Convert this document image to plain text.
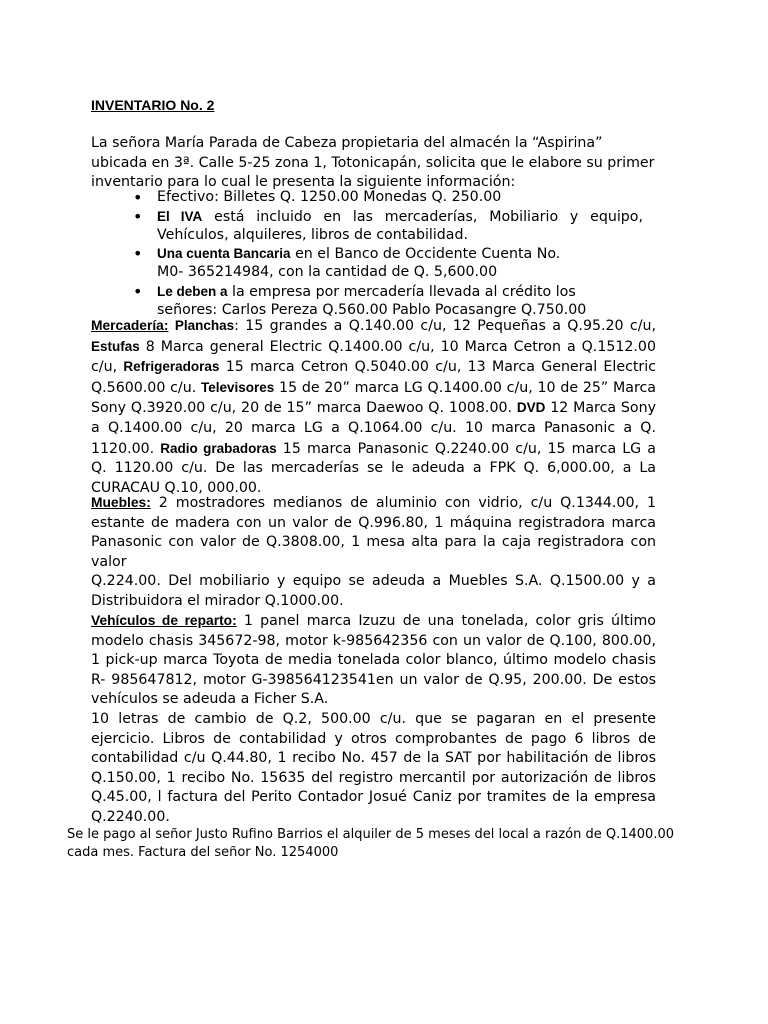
INVENTARIO No. 2

La señora María Parada de Cabeza propietaria del almacén la “Aspirina” ubicada en 3ª. Calle 5-25 zona 1, Totonicapán, solicita que le elabore su primer inventario para lo cual le presenta la siguiente información:

• Efectivo: Billetes Q. 1250.00 Monedas Q. 250.00
• El IVA está incluido en las mercaderías, Mobiliario y equipo, Vehículos, alquileres, libros de contabilidad.
• Una cuenta Bancaria en el Banco de Occidente Cuenta No.
M0- 365214984, con la cantidad de Q. 5,600.00
• Le deben a la empresa por mercadería llevada al crédito los
señores: Carlos Pereza Q.560.00 Pablo Pocasangre Q.750.00

Mercadería: Planchas: 15 grandes a Q.140.00 c/u, 12 Pequeñas a Q.95.20 c/u, Estufas 8 Marca general Electric Q.1400.00 c/u, 10 Marca Cetron a Q.1512.00 c/u, Refrigeradoras 15 marca Cetron Q.5040.00 c/u, 13 Marca General Electric Q.5600.00 c/u. Televisores 15 de 20” marca LG Q.1400.00 c/u, 10 de 25” Marca Sony Q.3920.00 c/u, 20 de 15” marca Daewoo Q. 1008.00. DVD 12 Marca Sony a Q.1400.00 c/u, 20 marca LG a Q.1064.00 c/u. 10 marca Panasonic a Q. 1120.00. Radio grabadoras 15 marca Panasonic Q.2240.00 c/u, 15 marca LG a Q. 1120.00 c/u. De las mercaderías se le adeuda a FPK Q. 6,000.00, a La CURACAU Q.10, 000.00.

Muebles: 2 mostradores medianos de aluminio con vidrio, c/u Q.1344.00, 1 estante de madera con un valor de Q.996.80, 1 máquina registradora marca Panasonic con valor de Q.3808.00, 1 mesa alta para la caja registradora con valor
Q.224.00. Del mobiliario y equipo se adeuda a Muebles S.A. Q.1500.00 y a Distribuidora el mirador Q.1000.00.

Vehículos de reparto: 1 panel marca Izuzu de una tonelada, color gris último modelo chasis 345672-98, motor k-985642356 con un valor de Q.100, 800.00, 1 pick-up marca Toyota de media tonelada color blanco, último modelo chasis R- 985647812, motor G-398564123541en un valor de Q.95, 200.00. De estos vehículos se adeuda a Ficher S.A.

10 letras de cambio de Q.2, 500.00 c/u. que se pagaran en el presente ejercicio. Libros de contabilidad y otros comprobantes de pago 6 libros de contabilidad c/u Q.44.80, 1 recibo No. 457 de la SAT por habilitación de libros Q.150.00, 1 recibo No. 15635 del registro mercantil por autorización de libros Q.45.00, l factura del Perito Contador Josué Caniz por tramites de la empresa Q.2240.00.

Se le pago al señor Justo Rufino Barrios el alquiler de 5 meses del local a razón de Q.1400.00 cada mes. Factura del señor No. 1254000
